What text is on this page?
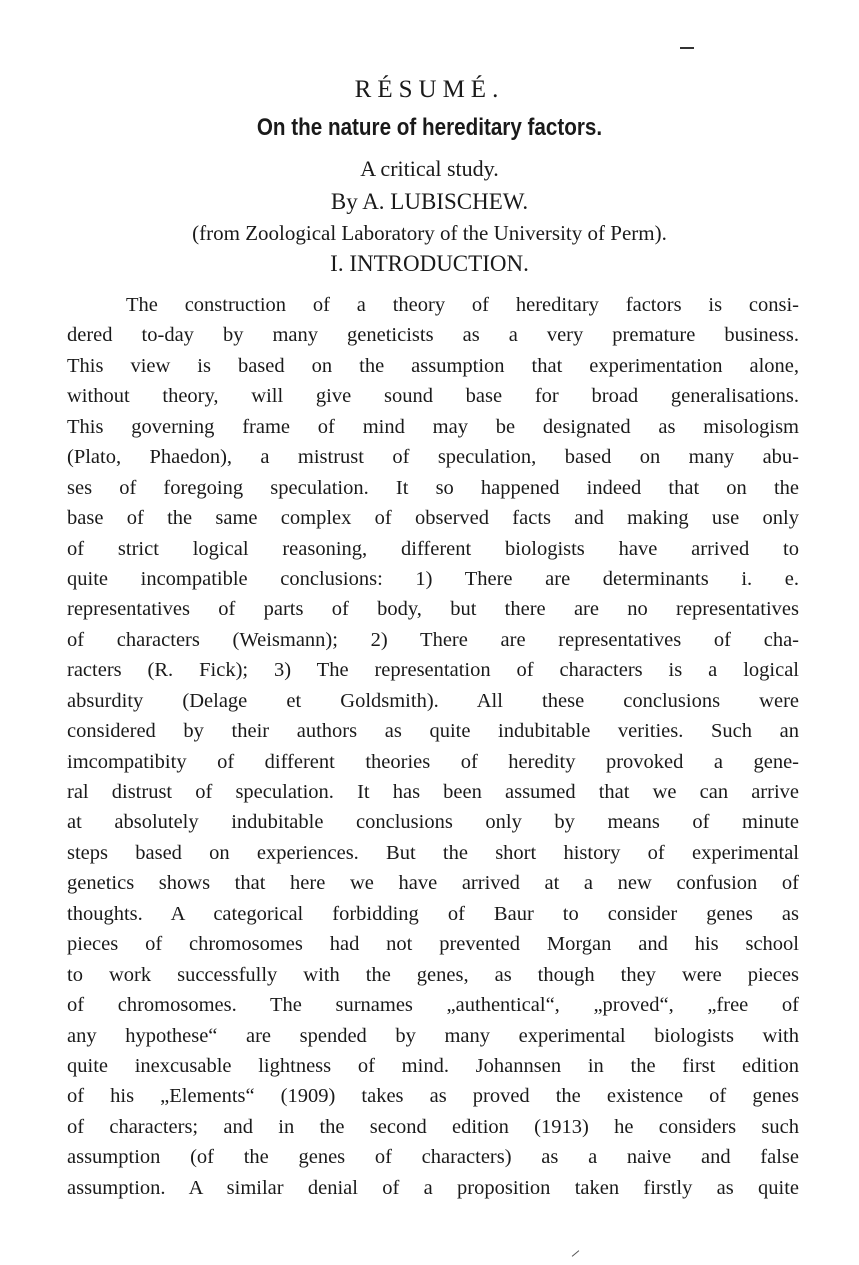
RÉSUMÉ.
On the nature of hereditary factors.
A critical study.
By A. LUBISCHEW.
(from Zoological Laboratory of the University of Perm).
I. INTRODUCTION.
The construction of a theory of hereditary factors is consi-
dered to-day by many geneticists as a very premature business.
This view is based on the assumption that experimentation alone,
without theory, will give sound base for broad generalisations.
This governing frame of mind may be designated as misologism
(Plato, Phaedon), a mistrust of speculation, based on many abu-
ses of foregoing speculation. It so happened indeed that on the
base of the same complex of observed facts and making use only
of strict logical reasoning, different biologists have arrived to
quite incompatible conclusions: 1) There are determinants i. e.
representatives of parts of body, but there are no representatives
of characters (Weismann); 2) There are representatives of cha-
racters (R. Fick); 3) The representation of characters is a logical
absurdity (Delage et Goldsmith). All these conclusions were
considered by their authors as quite indubitable verities. Such an
imcompatibity of different theories of heredity provoked a gene-
ral distrust of speculation. It has been assumed that we can arrive
at absolutely indubitable conclusions only by means of minute
steps based on experiences. But the short history of experimental
genetics shows that here we have arrived at a new confusion of
thoughts. A categorical forbidding of Baur to consider genes as
pieces of chromosomes had not prevented Morgan and his school
to work successfully with the genes, as though they were pieces
of chromosomes. The surnames „authentical“, „proved“, „free of
any hypothese“ are spended by many experimental biologists with
quite inexcusable lightness of mind. Johannsen in the first edition
of his „Elements“ (1909) takes as proved the existence of genes
of characters; and in the second edition (1913) he considers such
assumption (of the genes of characters) as a naive and false
assumption. A similar denial of a proposition taken firstly as quite
